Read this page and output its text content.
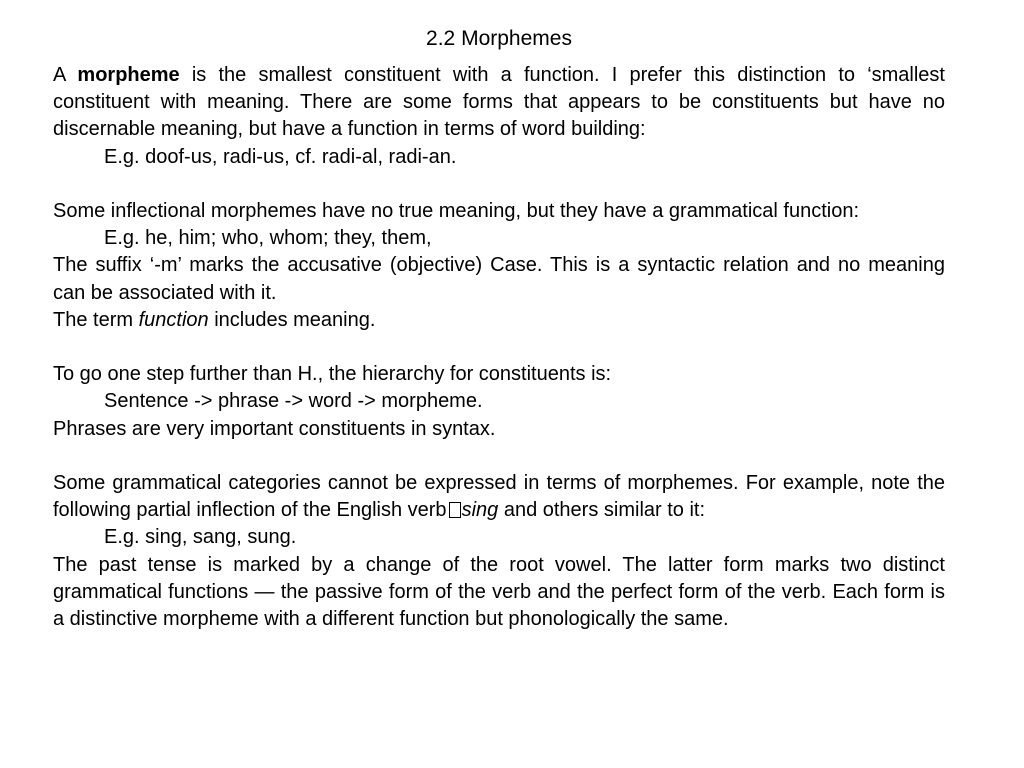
2.2 Morphemes

A morpheme is the smallest constituent with a function. I prefer this distinction to ‘smallest constituent with meaning. There are some forms that appears to be constituents but have no discernable meaning, but have a function in terms of word building:

E.g. doof-us, radi-us, cf. radi-al, radi-an.

Some inflectional morphemes have no true meaning, but they have a grammatical function:

E.g. he, him; who, whom; they, them,

The suffix ‘-m’ marks the accusative (objective) Case. This is a syntactic relation and no meaning can be associated with it.

The term function includes meaning.

To go one step further than H., the hierarchy for constituents is:

Sentence -> phrase -> word -> morpheme.

Phrases are very important constituents in syntax.

Some grammatical categories cannot be expressed in terms of morphemes. For example, note the following partial inflection of the English verb sing and others similar to it:

E.g. sing, sang, sung.

The past tense is marked by a change of the root vowel. The latter form marks two distinct grammatical functions — the passive form of the verb and the perfect form of the verb. Each form is a distinctive morpheme with a different function but phonologically the same.
